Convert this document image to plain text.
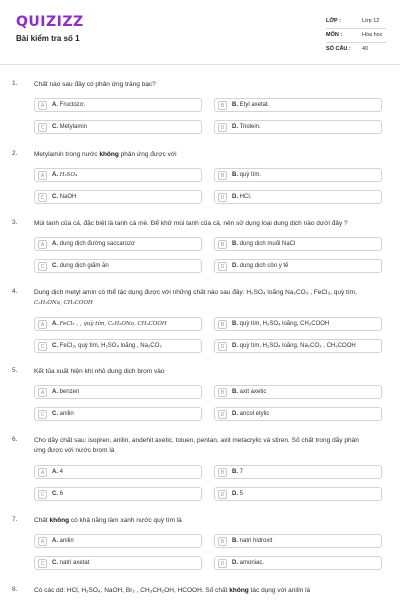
QUIZIZZ
Bài kiểm tra số 1
LỚP :	Lớp 12
MÔN :	Hóa học
SỐ CÂU : 40
1.	Chất nào sau đây có phản ứng tráng bạc?
A	A. Fructozơ.	B	B. Etyl axetat.
C	C. Metylamin	D	D. Triolein.
2.	Metylamin trong nước không phản ứng được với
A	A. H₂SO₄	B	B. quỳ tím.
C	C. NaOH	D	D. HCl.
3.	Mùi tanh của cá, đặc biệt là tanh cá mè. Để khử mùi tanh của cá, nên sử dụng loại dung dịch nào dưới đây ?
A	A. dung dịch đường saccarozơ	B	B. dung dịch muối NaCl
C	C. dung dịch giấm ăn	D	D. dung dịch cồn y tế
4.	Dung dịch metyl amin có thể tác dụng được với những chất nào sau đây: H₂SO₄ loãng Na₂CO₃ , FeCl₃, quỳ tím,
C₆H₅ONa, CH₃COOH
A	A. FeCl₃ , , quỳ tím, C₆H₅ONa, CH₃COOH	B	B. quỳ tím, H₂SO₄ loãng, CH₃COOH
C	C. FeCl₃, quỳ tím, H₂SO₄ loãng , Na₂CO₃	D	D. quỳ tím, H₂SO₄ loãng, Na₂CO₃ , CH₃COOH
5.	Kết tủa xuất hiện khi nhỏ dung dịch brom vào
A	A. benzen	B	B. axit axetic
C	C. anilin	D	D. ancol etylic
6.	Cho dãy chất sau: isopren, anilin, andehit axetic, toluen, pentan, axit metacrylic và stiren. Số chất trong dãy phản
ứng được với nước brom là
A	A. 4	B	B. 7
C	C. 6	D	D. 5
7.	Chất không có khả năng làm xanh nước quỳ tím là
A	A. anilin	B	B. natri hidroxit
C	C. natri axetat	D	D. amoniac.
8.	Có các dd: HCl, H₂SO₄, NaOH, Br₂ , CH₃CH₂OH, HCOOH. Số chất không tác dụng với anilin là
